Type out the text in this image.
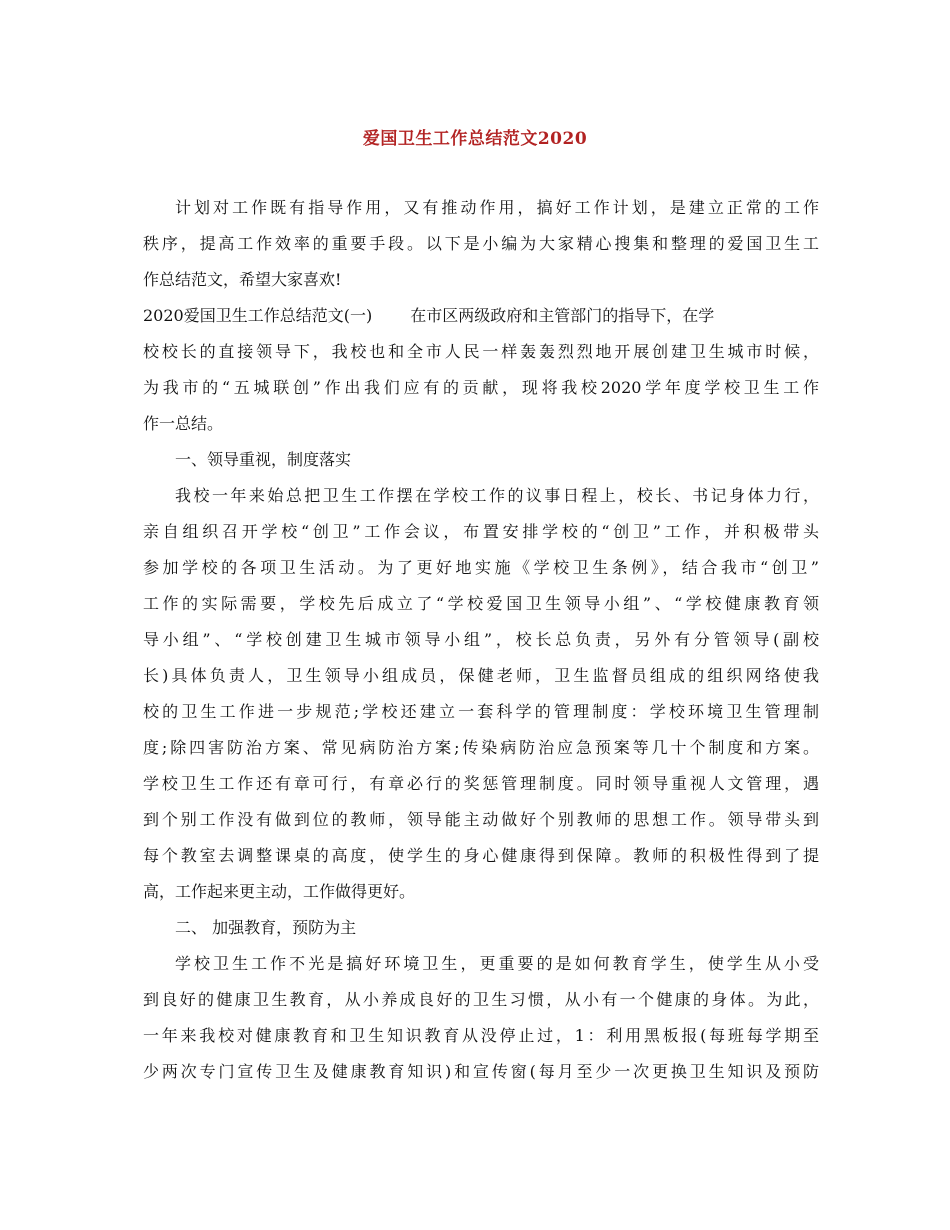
爱国卫生工作总结范文2020
计划对工作既有指导作用，又有推动作用，搞好工作计划，是建立正常的工作
秩序，提高工作效率的重要手段。以下是小编为大家精心搜集和整理的爱国卫生工
作总结范文，希望大家喜欢!
2020爱国卫生工作总结范文(一) 在市区两级政府和主管部门的指导下，在学
校校长的直接领导下，我校也和全市人民一样轰轰烈烈地开展创建卫生城市时候，
为我市的“五城联创”作出我们应有的贡献，现将我校2020学年度学校卫生工作
作一总结。
一、领导重视，制度落实
我校一年来始总把卫生工作摆在学校工作的议事日程上，校长、书记身体力行，
亲自组织召开学校“创卫”工作会议，布置安排学校的“创卫”工作，并积极带头
参加学校的各项卫生活动。为了更好地实施《学校卫生条例》，结合我市“创卫”
工作的实际需要，学校先后成立了“学校爱国卫生领导小组”、“学校健康教育领
导小组”、“学校创建卫生城市领导小组”，校长总负责，另外有分管领导(副校
长)具体负责人，卫生领导小组成员，保健老师，卫生监督员组成的组织网络使我
校的卫生工作进一步规范;学校还建立一套科学的管理制度：学校环境卫生管理制
度;除四害防治方案、常见病防治方案;传染病防治应急预案等几十个制度和方案。
学校卫生工作还有章可行，有章必行的奖惩管理制度。同时领导重视人文管理，遇
到个别工作没有做到位的教师，领导能主动做好个别教师的思想工作。领导带头到
每个教室去调整课桌的高度，使学生的身心健康得到保障。教师的积极性得到了提
高，工作起来更主动，工作做得更好。
二、 加强教育，预防为主
学校卫生工作不光是搞好环境卫生，更重要的是如何教育学生，使学生从小受
到良好的健康卫生教育，从小养成良好的卫生习惯，从小有一个健康的身体。为此，
一年来我校对健康教育和卫生知识教育从没停止过，1：利用黑板报(每班每学期至
少两次专门宣传卫生及健康教育知识)和宣传窗(每月至少一次更换卫生知识及预防
